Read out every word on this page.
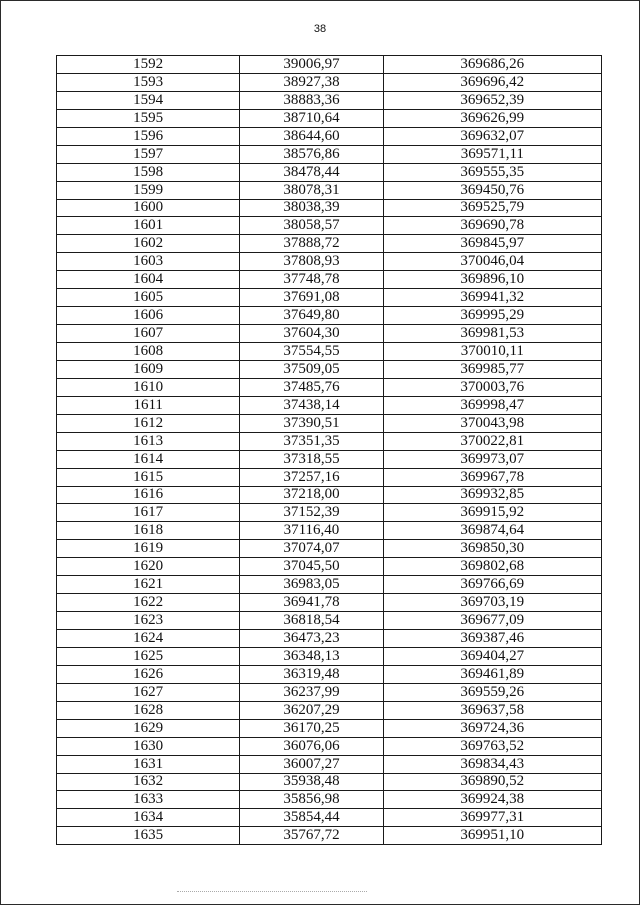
38
1592	39006,97	369686,26
1593	38927,38	369696,42
1594	38883,36	369652,39
1595	38710,64	369626,99
1596	38644,60	369632,07
1597	38576,86	369571,11
1598	38478,44	369555,35
1599	38078,31	369450,76
1600	38038,39	369525,79
1601	38058,57	369690,78
1602	37888,72	369845,97
1603	37808,93	370046,04
1604	37748,78	369896,10
1605	37691,08	369941,32
1606	37649,80	369995,29
1607	37604,30	369981,53
1608	37554,55	370010,11
1609	37509,05	369985,77
1610	37485,76	370003,76
1611	37438,14	369998,47
1612	37390,51	370043,98
1613	37351,35	370022,81
1614	37318,55	369973,07
1615	37257,16	369967,78
1616	37218,00	369932,85
1617	37152,39	369915,92
1618	37116,40	369874,64
1619	37074,07	369850,30
1620	37045,50	369802,68
1621	36983,05	369766,69
1622	36941,78	369703,19
1623	36818,54	369677,09
1624	36473,23	369387,46
1625	36348,13	369404,27
1626	36319,48	369461,89
1627	36237,99	369559,26
1628	36207,29	369637,58
1629	36170,25	369724,36
1630	36076,06	369763,52
1631	36007,27	369834,43
1632	35938,48	369890,52
1633	35856,98	369924,38
1634	35854,44	369977,31
1635	35767,72	369951,10
